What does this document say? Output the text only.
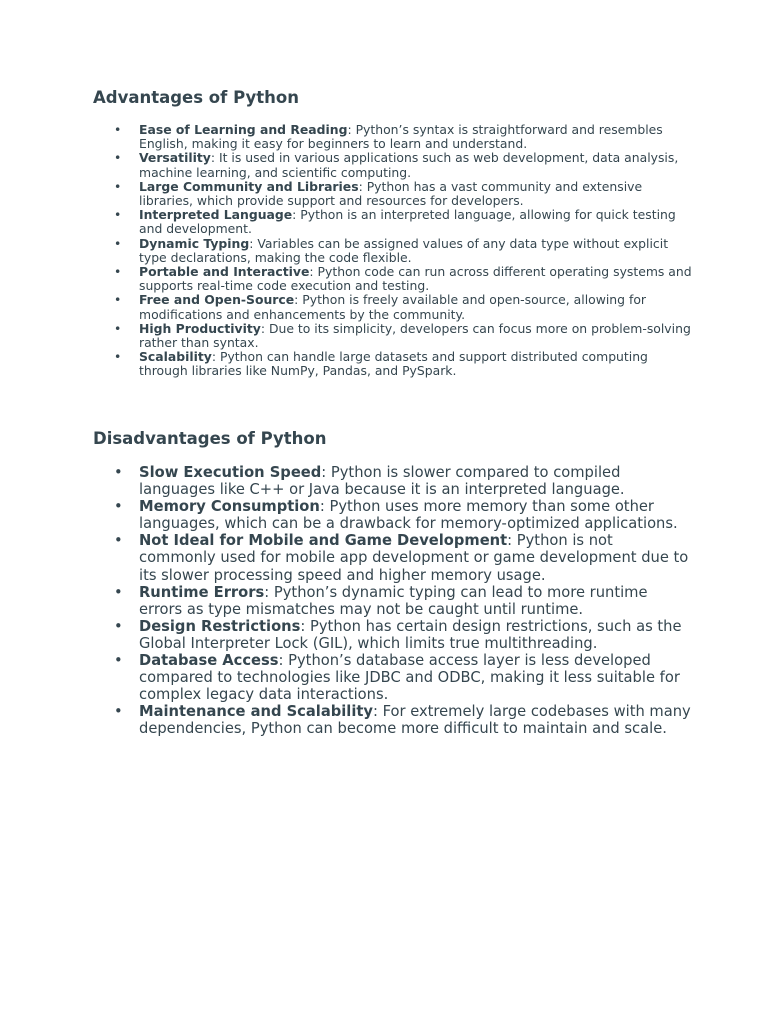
Advantages of Python
• Ease of Learning and Reading: Python’s syntax is straightforward and resembles English, making it easy for beginners to learn and understand.
• Versatility: It is used in various applications such as web development, data analysis, machine learning, and scientific computing.
• Large Community and Libraries: Python has a vast community and extensive libraries, which provide support and resources for developers.
• Interpreted Language: Python is an interpreted language, allowing for quick testing and development.
• Dynamic Typing: Variables can be assigned values of any data type without explicit type declarations, making the code flexible.
• Portable and Interactive: Python code can run across different operating systems and supports real-time code execution and testing.
• Free and Open-Source: Python is freely available and open-source, allowing for modifications and enhancements by the community.
• High Productivity: Due to its simplicity, developers can focus more on problem-solving rather than syntax.
• Scalability: Python can handle large datasets and support distributed computing through libraries like NumPy, Pandas, and PySpark.
Disadvantages of Python
• Slow Execution Speed: Python is slower compared to compiled languages like C++ or Java because it is an interpreted language.
• Memory Consumption: Python uses more memory than some other languages, which can be a drawback for memory-optimized applications.
• Not Ideal for Mobile and Game Development: Python is not commonly used for mobile app development or game development due to its slower processing speed and higher memory usage.
• Runtime Errors: Python’s dynamic typing can lead to more runtime errors as type mismatches may not be caught until runtime.
• Design Restrictions: Python has certain design restrictions, such as the Global Interpreter Lock (GIL), which limits true multithreading.
• Database Access: Python’s database access layer is less developed compared to technologies like JDBC and ODBC, making it less suitable for complex legacy data interactions.
• Maintenance and Scalability: For extremely large codebases with many dependencies, Python can become more difficult to maintain and scale.
